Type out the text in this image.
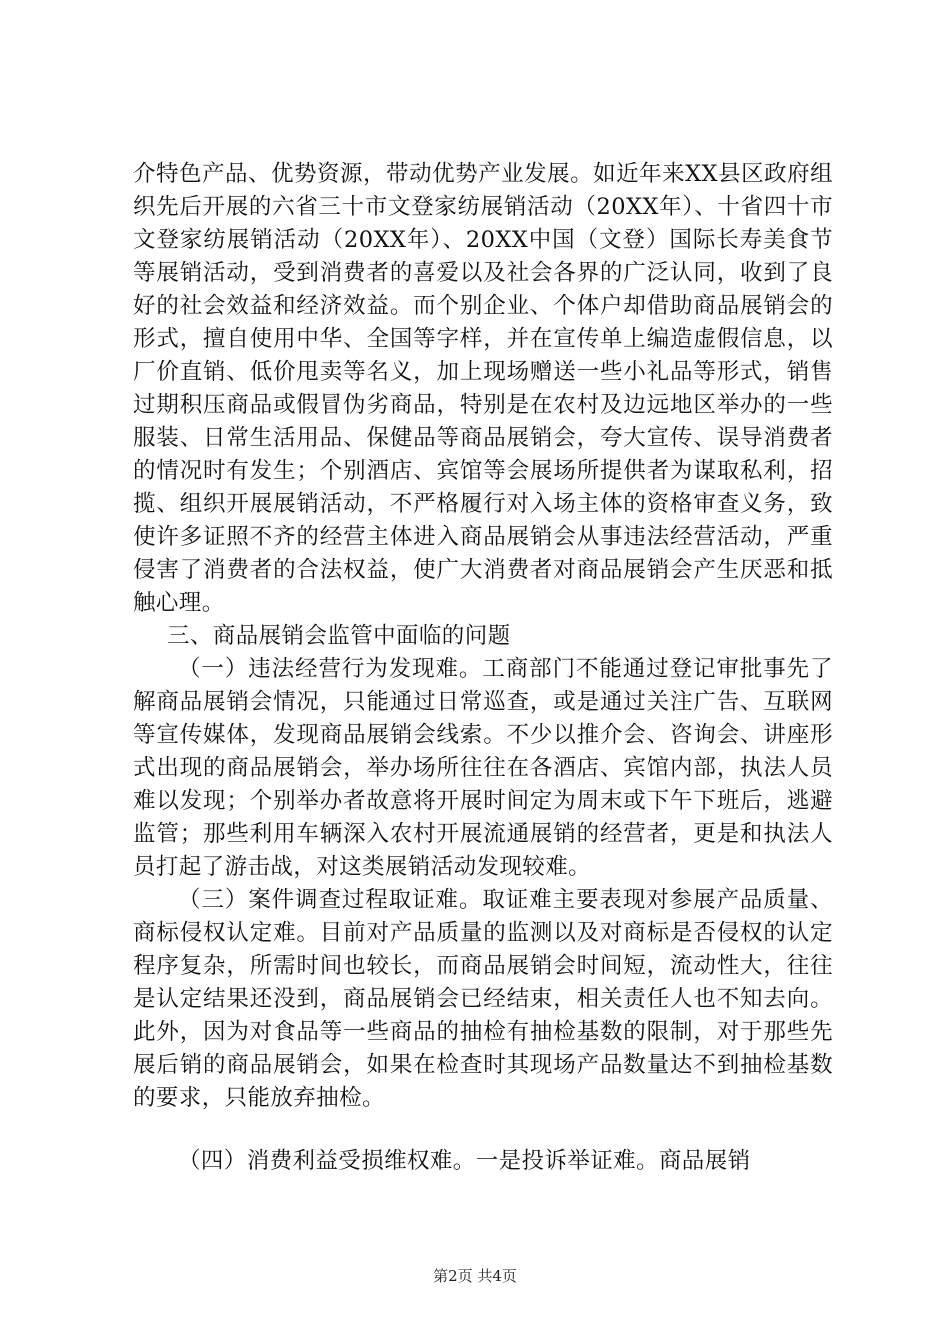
介特色产品、优势资源，带动优势产业发展。如近年来XX县区政府组织先后开展的六省三十市文登家纺展销活动（20XX年）、十省四十市文登家纺展销活动（20XX年）、20XX中国（文登）国际长寿美食节等展销活动，受到消费者的喜爱以及社会各界的广泛认同，收到了良好的社会效益和经济效益。而个别企业、个体户却借助商品展销会的形式，擅自使用中华、全国等字样，并在宣传单上编造虚假信息，以厂价直销、低价甩卖等名义，加上现场赠送一些小礼品等形式，销售过期积压商品或假冒伪劣商品，特别是在农村及边远地区举办的一些服装、日常生活用品、保健品等商品展销会，夸大宣传、误导消费者的情况时有发生；个别酒店、宾馆等会展场所提供者为谋取私利，招揽、组织开展展销活动，不严格履行对入场主体的资格审查义务，致使许多证照不齐的经营主体进入商品展销会从事违法经营活动，严重侵害了消费者的合法权益，使广大消费者对商品展销会产生厌恶和抵触心理。

三、商品展销会监管中面临的问题

（一）违法经营行为发现难。工商部门不能通过登记审批事先了解商品展销会情况，只能通过日常巡查，或是通过关注广告、互联网等宣传媒体，发现商品展销会线索。不少以推介会、咨询会、讲座形式出现的商品展销会，举办场所往往在各酒店、宾馆内部，执法人员难以发现；个别举办者故意将开展时间定为周末或下午下班后，逃避监管；那些利用车辆深入农村开展流通展销的经营者，更是和执法人员打起了游击战，对这类展销活动发现较难。

（三）案件调查过程取证难。取证难主要表现对参展产品质量、商标侵权认定难。目前对产品质量的监测以及对商标是否侵权的认定程序复杂，所需时间也较长，而商品展销会时间短，流动性大，往往是认定结果还没到，商品展销会已经结束，相关责任人也不知去向。此外，因为对食品等一些商品的抽检有抽检基数的限制，对于那些先展后销的商品展销会，如果在检查时其现场产品数量达不到抽检基数的要求，只能放弃抽检。

（四）消费利益受损维权难。一是投诉举证难。商品展销

第2页 共4页
